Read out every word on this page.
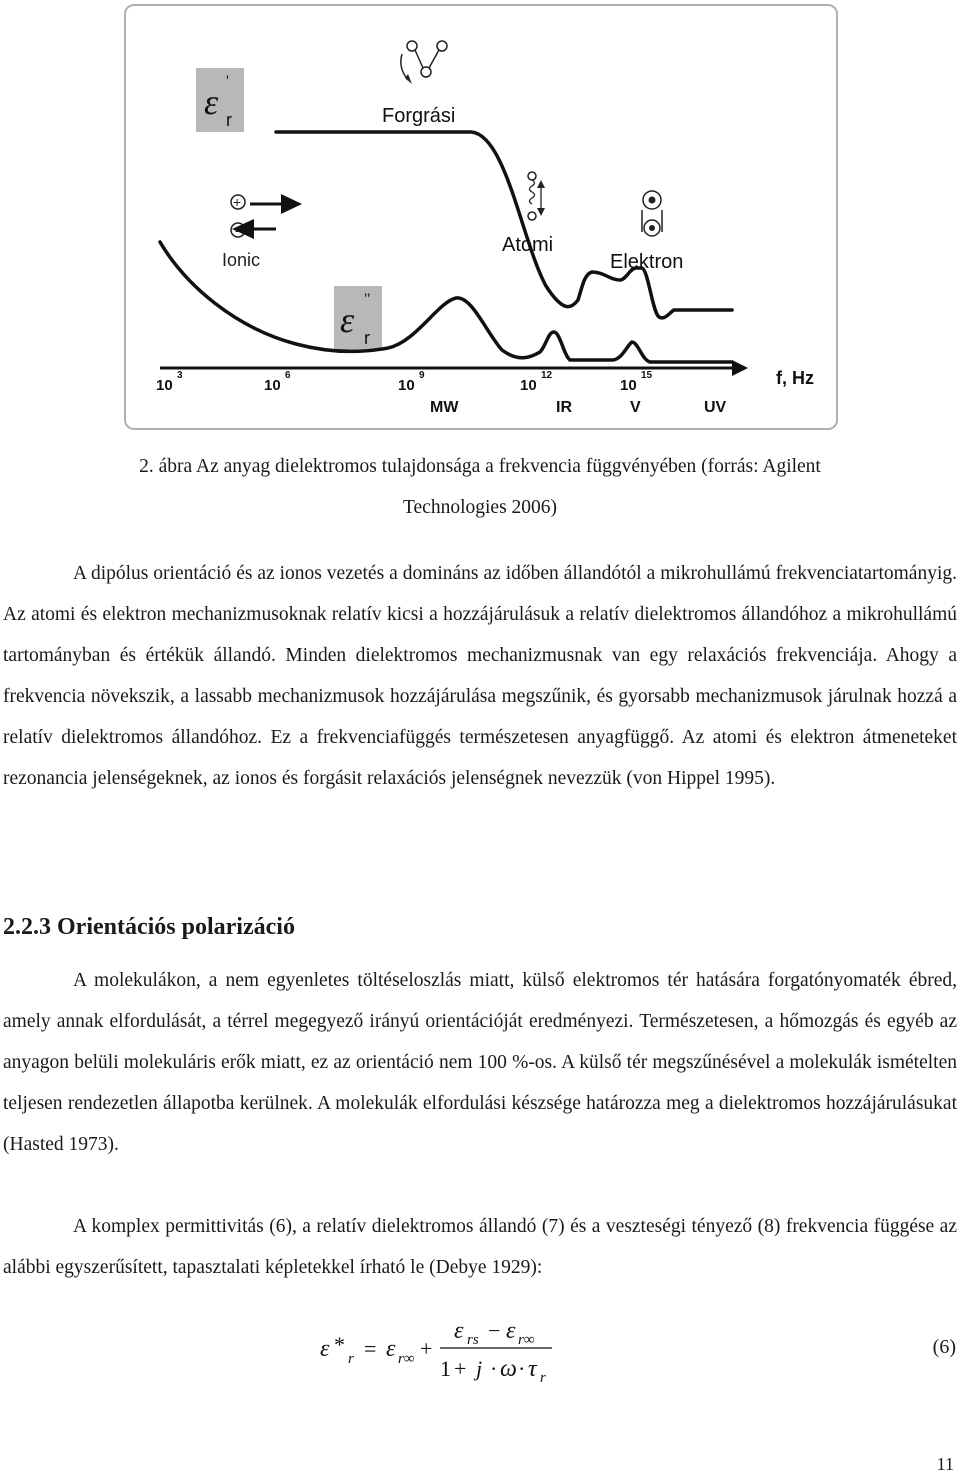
ε
'
r
ε
"
r
+
Ionic
Forgrási
Atomi
Elektron
10
3
10
6
10
9
10
12
10
15	f, Hz
MW	IR	V	UV
2. ábra Az anyag dielektromos tulajdonsága a frekvencia függvényében (forrás: Agilent
Technologies 2006)

A dipólus orientáció és az ionos vezetés a domináns az időben állandótól a mikrohullámú frekvenciatartományig. Az atomi és elektron mechanizmusoknak relatív kicsi a hozzájárulásuk a relatív dielektromos állandóhoz a mikrohullámú tartományban és értékük állandó. Minden dielektromos mechanizmusnak van egy relaxációs frekvenciája. Ahogy a frekvencia növekszik, a lassabb mechanizmusok hozzájárulása megszűnik, és gyorsabb mechanizmusok járulnak hozzá a relatív dielektromos állandóhoz. Ez a frekvenciafüggés természetesen anyagfüggő. Az atomi és elektron átmeneteket rezonancia jelenségeknek, az ionos és forgásit relaxációs jelenségnek nevezzük (von Hippel 1995).

2.2.3 Orientációs polarizáció

A molekulákon, a nem egyenletes töltéseloszlás miatt, külső elektromos tér hatására forgatónyomaték ébred, amely annak elfordulását, a térrel megegyező irányú orientációját eredményezi. Természetesen, a hőmozgás és egyéb az anyagon belüli molekuláris erők miatt, ez az orientáció nem 100 %-os. A külső tér megszűnésével a molekulák ismételten teljesen rendezetlen állapotba kerülnek. A molekulák elfordulási készsége határozza meg a dielektromos hozzájárulásukat (Hasted 1973).

A komplex permittivitás (6), a relatív dielektromos állandó (7) és a veszteségi tényező (8) frekvencia függése az alábbi egyszerűsített, tapasztalati képletekkel írható le (Debye 1929):

ε *
r = ε r∞ +
ε rs − ε r∞
1 + j · ω · τ r
(6)
11
